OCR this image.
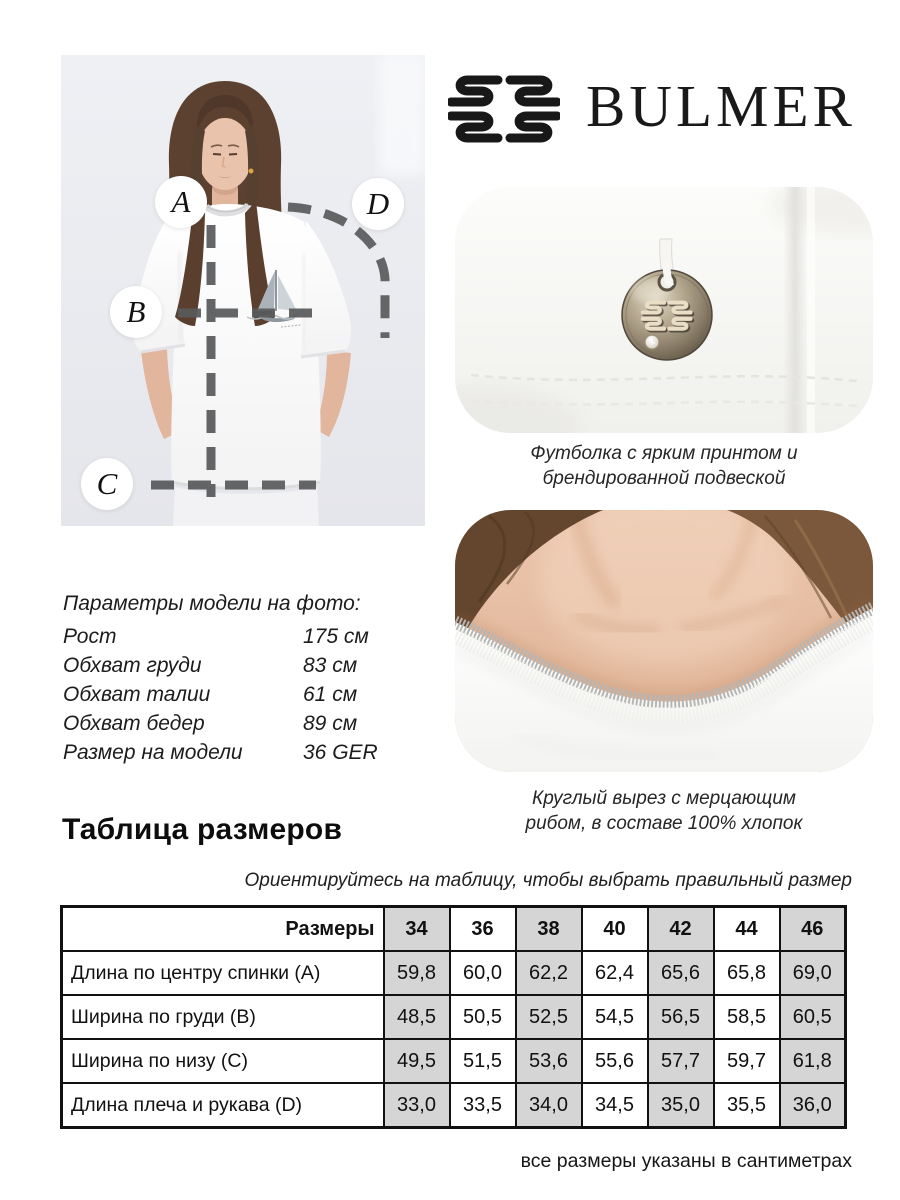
A
B
C
D
BULMER
Футболка с ярким принтом и
брендированной подвеской
Круглый вырез с мерцающим
рибом, в составе 100% хлопок
Параметры модели на фото:
Рост	175 см
Обхват груди	83 см
Обхват талии	61 см
Обхват бедер	89 см
Размер на модели	36 GER
Таблица размеров
Ориентируйтесь на таблицу, чтобы выбрать правильный размер
Размеры	34	36	38	40	42	44	46
Длина по центру спинки (A)	59,8	60,0	62,2	62,4	65,6	65,8	69,0
Ширина по груди (B)	48,5	50,5	52,5	54,5	56,5	58,5	60,5
Ширина по низу (C)	49,5	51,5	53,6	55,6	57,7	59,7	61,8
Длина плеча и рукава (D)	33,0	33,5	34,0	34,5	35,0	35,5	36,0
все размеры указаны в сантиметрах
